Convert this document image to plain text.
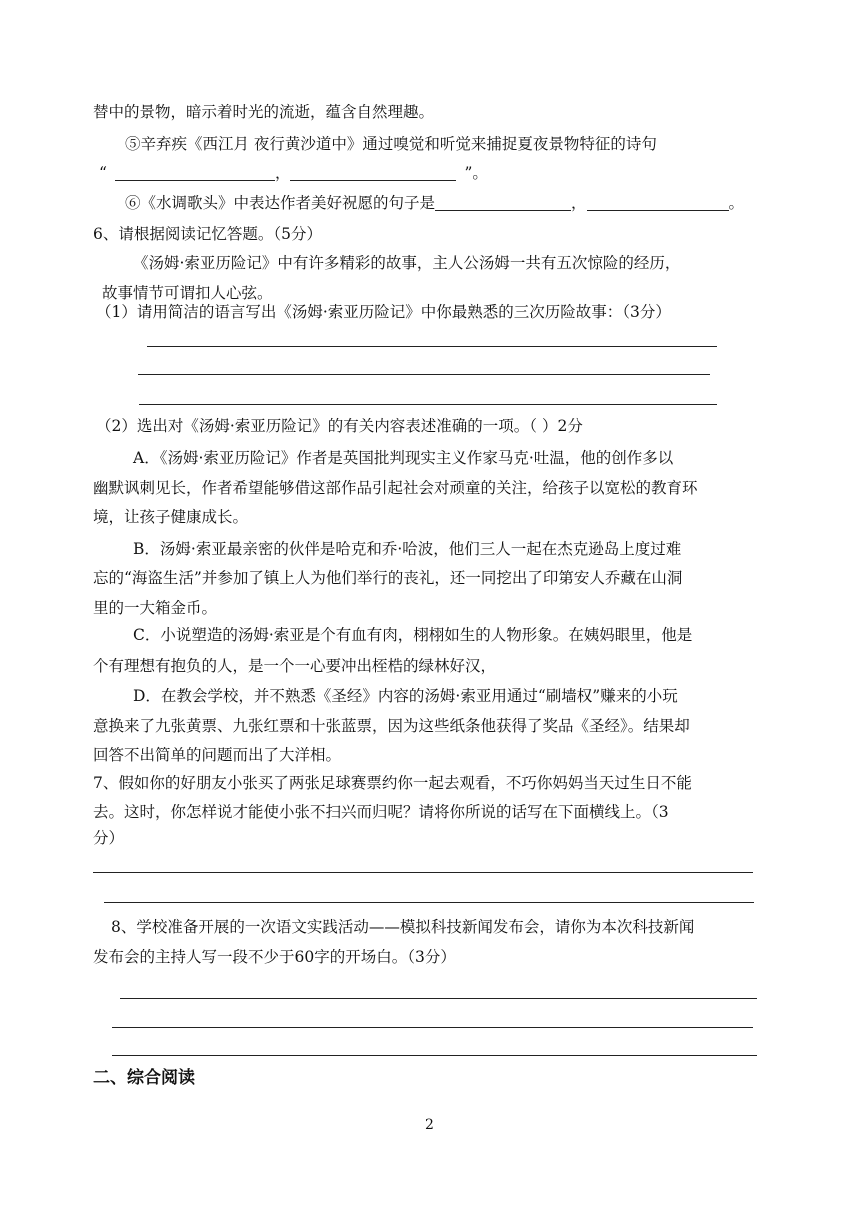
替中的景物，暗示着时光的流逝，蕴含自然理趣。
⑤辛弃疾《西江月 夜行黄沙道中》通过嗅觉和听觉来捕捉夏夜景物特征的诗句
“	，	”。
⑥《水调歌头》中表达作者美好祝愿的句子是	，	。
6、请根据阅读记忆答题。（5分）
《汤姆·索亚历险记》中有许多精彩的故事，主人公汤姆一共有五次惊险的经历，
故事情节可谓扣人心弦。
（1）请用简洁的语言写出《汤姆·索亚历险记》中你最熟悉的三次历险故事：（3分）
（2）选出对《汤姆·索亚历险记》的有关内容表述准确的一项。（ ）2分
A．《汤姆·索亚历险记》作者是英国批判现实主义作家马克·吐温，他的创作多以
幽默讽刺见长，作者希望能够借这部作品引起社会对顽童的关注，给孩子以宽松的教育环
境，让孩子健康成长。
B．汤姆·索亚最亲密的伙伴是哈克和乔·哈波，他们三人一起在杰克逊岛上度过难
忘的“海盗生活”并参加了镇上人为他们举行的丧礼，还一同挖出了印第安人乔藏在山洞
里的一大箱金币。
C．小说塑造的汤姆·索亚是个有血有肉，栩栩如生的人物形象。在姨妈眼里，他是
个有理想有抱负的人，是一个一心要冲出桎梏的绿林好汉，
D．在教会学校，并不熟悉《圣经》内容的汤姆·索亚用通过“刷墙权”赚来的小玩
意换来了九张黄票、九张红票和十张蓝票，因为这些纸条他获得了奖品《圣经》。结果却
回答不出简单的问题而出了大洋相。
7、假如你的好朋友小张买了两张足球赛票约你一起去观看，不巧你妈妈当天过生日不能
去。这时，你怎样说才能使小张不扫兴而归呢？请将你所说的话写在下面横线上。（3
分）
8、学校准备开展的一次语文实践活动——模拟科技新闻发布会，请你为本次科技新闻
发布会的主持人写一段不少于60字的开场白。（3分）
二、综合阅读
2
